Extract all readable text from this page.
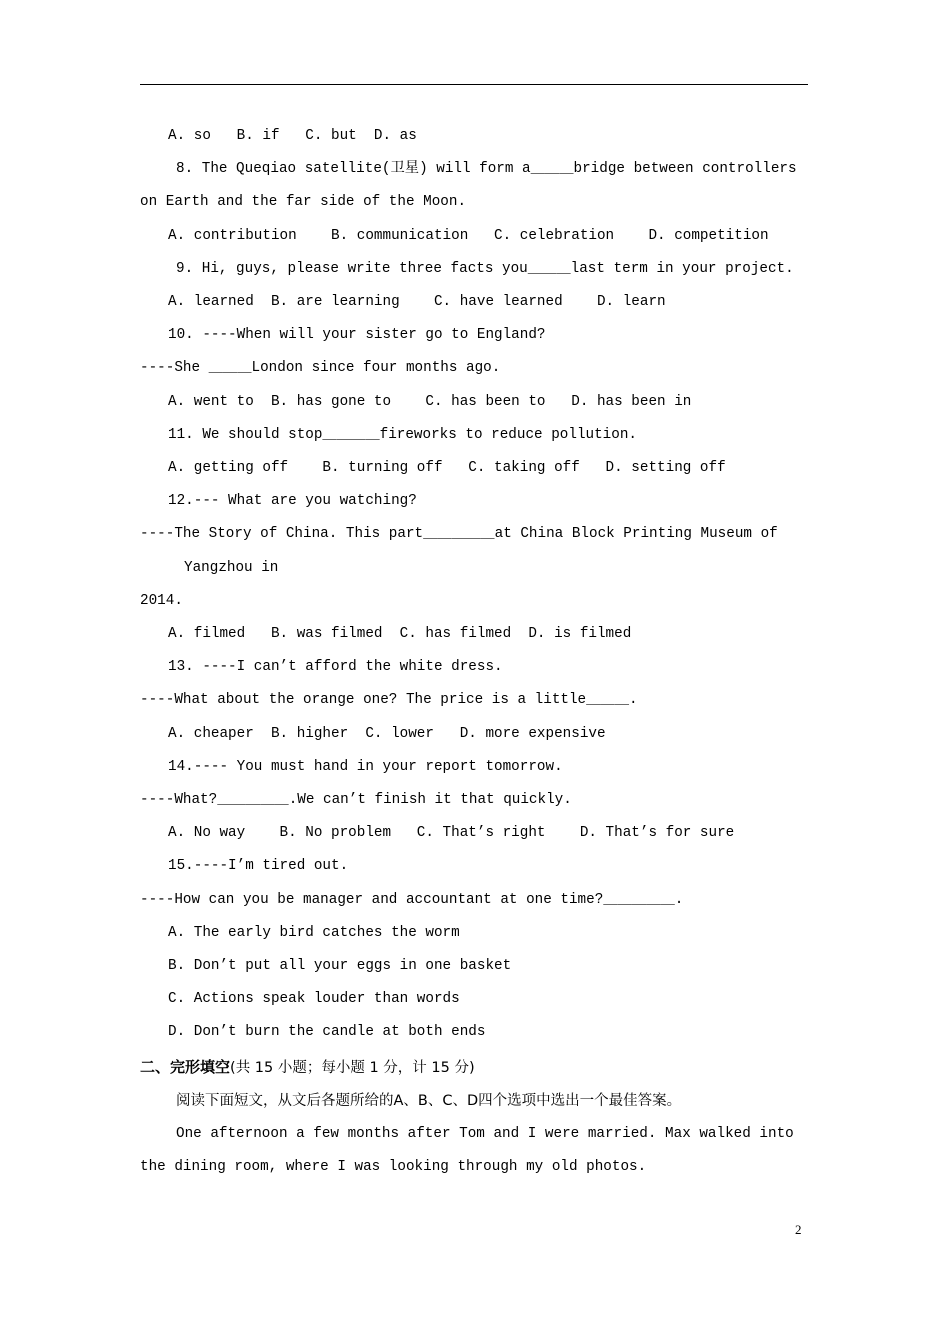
A. so   B. if   C. but  D. as
8. The Queqiao satellite(卫星) will form a＿＿＿bridge between controllers
on Earth and the far side of the Moon.
A. contribution    B. communication   C. celebration    D. competition
9. Hi, guys, please write three facts you＿＿＿last term in your project.
A. learned  B. are learning    C. have learned    D. learn
10. ----When will your sister go to England?
----She ＿＿＿London since four months ago.
A. went to  B. has gone to    C. has been to   D. has been in
11. We should stop＿＿＿＿fireworks to reduce pollution.
A. getting off    B. turning off   C. taking off   D. setting off
12.--- What are you watching?
----The Story of China. This part＿＿＿＿＿at China Block Printing Museum of
Yangzhou in
2014.
A. filmed   B. was filmed  C. has filmed  D. is filmed
13. ----I can’t afford the white dress.
----What about the orange one? The price is a little＿＿＿.
A. cheaper  B. higher  C. lower   D. more expensive
14.---- You must hand in your report tomorrow.
----What?＿＿＿＿＿.We can’t finish it that quickly.
A. No way    B. No problem   C. That’s right    D. That’s for sure
15.----I’m tired out.
----How can you be manager and accountant at one time?＿＿＿＿＿.
A. The early bird catches the worm
B. Don’t put all your eggs in one basket
C. Actions speak louder than words
D. Don’t burn the candle at both ends
二、完形填空(共 15 小题；每小题 1 分，计 15 分)
阅读下面短文，从文后各题所给的A、B、C、D四个选项中选出一个最佳答案。
One afternoon a few months after Tom and I were married. Max walked into
the dining room, where I was looking through my old photos.
2
